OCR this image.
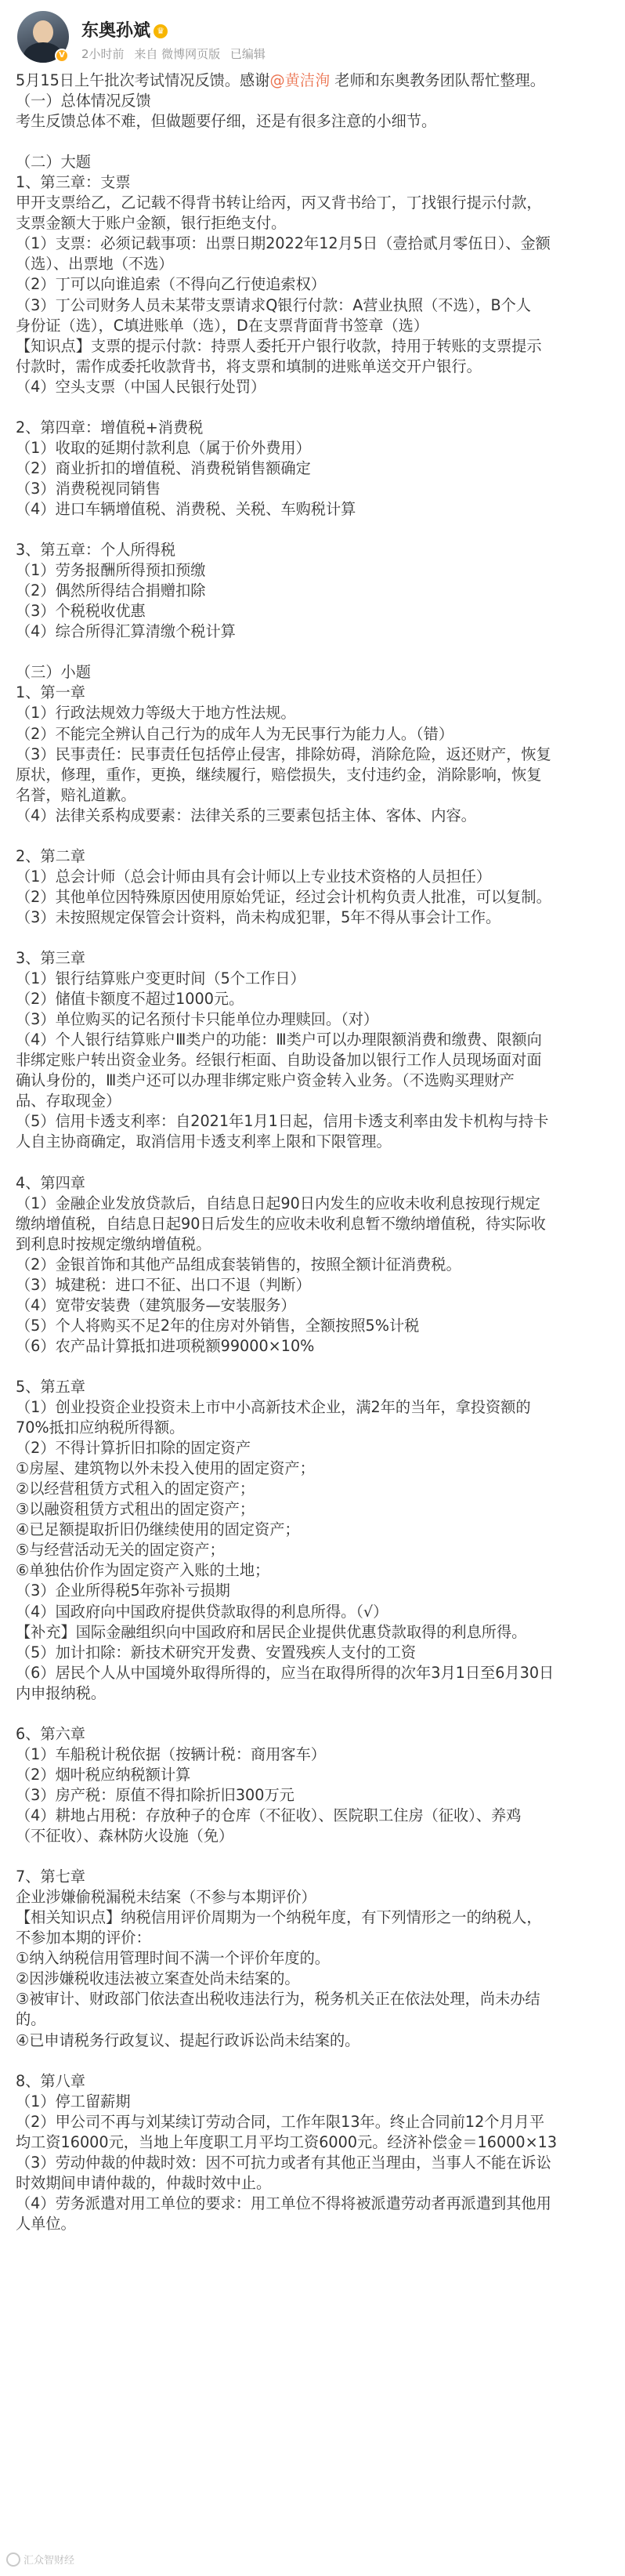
V
东奥孙斌 ♛
2小时前 来自 微博网页版 已编辑
5月15日上午批次考试情况反馈。感谢@黄洁洵 老师和东奥教务团队帮忙整理。
（一）总体情况反馈
考生反馈总体不难，但做题要仔细，还是有很多注意的小细节。
（二）大题
1、第三章：支票
甲开支票给乙，乙记载不得背书转让给丙，丙又背书给丁，丁找银行提示付款，
支票金额大于账户金额，银行拒绝支付。
（1）支票：必须记载事项：出票日期2022年12月5日（壹拾贰月零伍日）、金额
（选）、出票地（不选）
（2）丁可以向谁追索（不得向乙行使追索权）
（3）丁公司财务人员未某带支票请求Q银行付款：A营业执照（不选），B个人
身份证（选），C填进账单（选），D在支票背面背书签章（选）
【知识点】支票的提示付款：持票人委托开户银行收款，持用于转账的支票提示
付款时，需作成委托收款背书，将支票和填制的进账单送交开户银行。
（4）空头支票（中国人民银行处罚）
2、第四章：增值税+消费税
（1）收取的延期付款利息（属于价外费用）
（2）商业折扣的增值税、消费税销售额确定
（3）消费税视同销售
（4）进口车辆增值税、消费税、关税、车购税计算
3、第五章：个人所得税
（1）劳务报酬所得预扣预缴
（2）偶然所得结合捐赠扣除
（3）个税税收优惠
（4）综合所得汇算清缴个税计算
（三）小题
1、第一章
（1）行政法规效力等级大于地方性法规。
（2）不能完全辨认自己行为的成年人为无民事行为能力人。（错）
（3）民事责任：民事责任包括停止侵害，排除妨碍，消除危险，返还财产，恢复
原状，修理，重作，更换，继续履行，赔偿损失，支付违约金，消除影响，恢复
名誉，赔礼道歉。
（4）法律关系构成要素：法律关系的三要素包括主体、客体、内容。
2、第二章
（1）总会计师（总会计师由具有会计师以上专业技术资格的人员担任）
（2）其他单位因特殊原因使用原始凭证，经过会计机构负责人批准，可以复制。
（3）未按照规定保管会计资料，尚未构成犯罪，5年不得从事会计工作。
3、第三章
（1）银行结算账户变更时间（5个工作日）
（2）储值卡额度不超过1000元。
（3）单位购买的记名预付卡只能单位办理赎回。（对）
（4）个人银行结算账户Ⅲ类户的功能：Ⅲ类户可以办理限额消费和缴费、限额向
非绑定账户转出资金业务。经银行柜面、自助设备加以银行工作人员现场面对面
确认身份的，Ⅲ类户还可以办理非绑定账户资金转入业务。（不选购买理财产
品、存取现金）
（5）信用卡透支利率：自2021年1月1日起，信用卡透支利率由发卡机构与持卡
人自主协商确定，取消信用卡透支利率上限和下限管理。
4、第四章
（1）金融企业发放贷款后，自结息日起90日内发生的应收未收利息按现行规定
缴纳增值税，自结息日起90日后发生的应收未收利息暂不缴纳增值税，待实际收
到利息时按规定缴纳增值税。
（2）金银首饰和其他产品组成套装销售的，按照全额计征消费税。
（3）城建税：进口不征、出口不退（判断）
（4）宽带安装费（建筑服务—安装服务）
（5）个人将购买不足2年的住房对外销售，全额按照5%计税
（6）农产品计算抵扣进项税额99000×10%
5、第五章
（1）创业投资企业投资未上市中小高新技术企业，满2年的当年，拿投资额的
70%抵扣应纳税所得额。
（2）不得计算折旧扣除的固定资产
①房屋、建筑物以外未投入使用的固定资产；
②以经营租赁方式租入的固定资产；
③以融资租赁方式租出的固定资产；
④已足额提取折旧仍继续使用的固定资产；
⑤与经营活动无关的固定资产；
⑥单独估价作为固定资产入账的土地；
（3）企业所得税5年弥补亏损期
（4）国政府向中国政府提供贷款取得的利息所得。（√）
【补充】国际金融组织向中国政府和居民企业提供优惠贷款取得的利息所得。
（5）加计扣除：新技术研究开发费、安置残疾人支付的工资
（6）居民个人从中国境外取得所得的，应当在取得所得的次年3月1日至6月30日
内申报纳税。
6、第六章
（1）车船税计税依据（按辆计税：商用客车）
（2）烟叶税应纳税额计算
（3）房产税：原值不得扣除折旧300万元
（4）耕地占用税：存放种子的仓库（不征收）、医院职工住房（征收）、养鸡
（不征收）、森林防火设施（免）
7、第七章
企业涉嫌偷税漏税未结案（不参与本期评价）
【相关知识点】纳税信用评价周期为一个纳税年度，有下列情形之一的纳税人，
不参加本期的评价：
①纳入纳税信用管理时间不满一个评价年度的。
②因涉嫌税收违法被立案查处尚未结案的。
③被审计、财政部门依法查出税收违法行为，税务机关正在依法处理，尚未办结
的。
④已申请税务行政复议、提起行政诉讼尚未结案的。
8、第八章
（1）停工留薪期
（2）甲公司不再与刘某续订劳动合同，工作年限13年。终止合同前12个月月平
均工资16000元，当地上年度职工月平均工资6000元。经济补偿金＝16000×13
（3）劳动仲裁的仲裁时效：因不可抗力或者有其他正当理由，当事人不能在诉讼
时效期间申请仲裁的，仲裁时效中止。
（4）劳务派遣对用工单位的要求：用工单位不得将被派遣劳动者再派遣到其他用
人单位。
汇众智财经
